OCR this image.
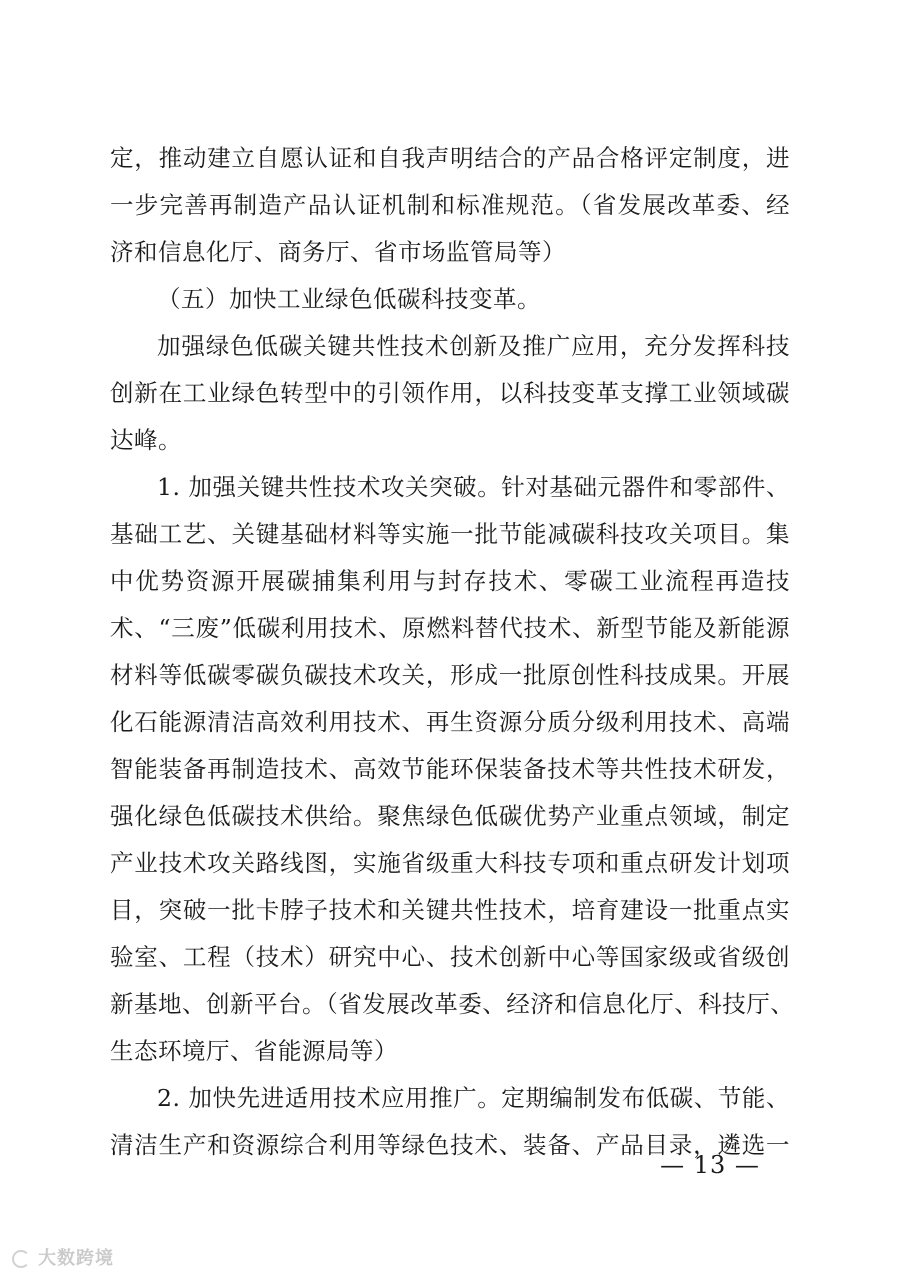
定，推动建立自愿认证和自我声明结合的产品合格评定制度，进
一步完善再制造产品认证机制和标准规范。（省发展改革委、经
济和信息化厅、商务厅、省市场监管局等）
（五）加快工业绿色低碳科技变革。
加强绿色低碳关键共性技术创新及推广应用，充分发挥科技
创新在工业绿色转型中的引领作用，以科技变革支撑工业领域碳
达峰。
1. 加强关键共性技术攻关突破。针对基础元器件和零部件、
基础工艺、关键基础材料等实施一批节能减碳科技攻关项目。集
中优势资源开展碳捕集利用与封存技术、零碳工业流程再造技
术、“三废”低碳利用技术、原燃料替代技术、新型节能及新能源
材料等低碳零碳负碳技术攻关，形成一批原创性科技成果。开展
化石能源清洁高效利用技术、再生资源分质分级利用技术、高端
智能装备再制造技术、高效节能环保装备技术等共性技术研发，
强化绿色低碳技术供给。聚焦绿色低碳优势产业重点领域，制定
产业技术攻关路线图，实施省级重大科技专项和重点研发计划项
目，突破一批卡脖子技术和关键共性技术，培育建设一批重点实
验室、工程（技术）研究中心、技术创新中心等国家级或省级创
新基地、创新平台。（省发展改革委、经济和信息化厅、科技厅、
生态环境厅、省能源局等）
2. 加快先进适用技术应用推广。定期编制发布低碳、节能、
清洁生产和资源综合利用等绿色技术、装备、产品目录，遴选一
— 13 —
大数跨境
